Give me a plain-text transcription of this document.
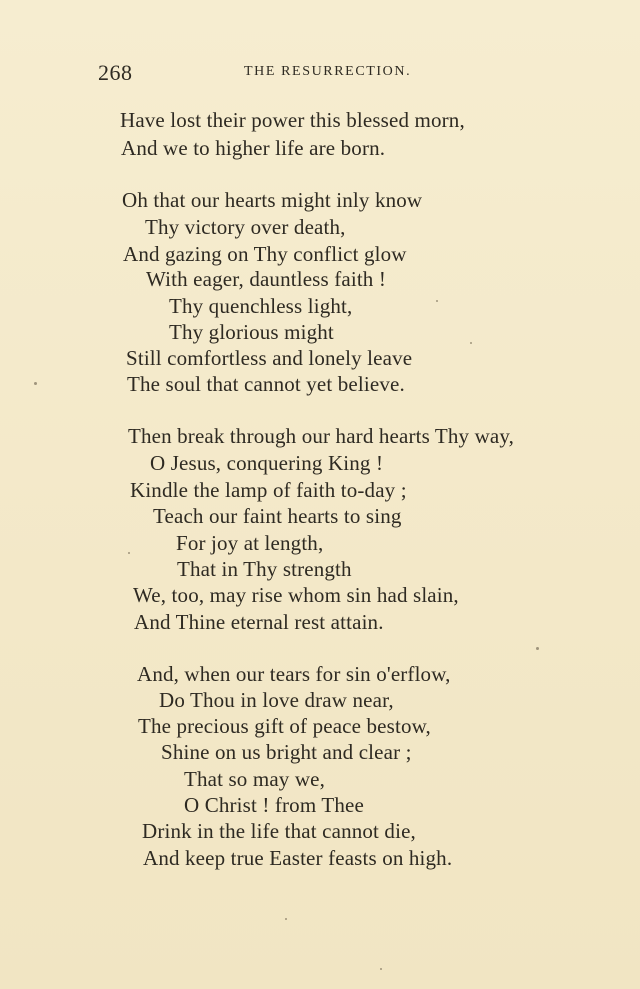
268	THE RESURRECTION.
Have lost their power this blessed morn,
And we to higher life are born.
Oh that our hearts might inly know
Thy victory over death,
And gazing on Thy conflict glow
With eager, dauntless faith !
Thy quenchless light,
Thy glorious might
Still comfortless and lonely leave
The soul that cannot yet believe.
Then break through our hard hearts Thy way,
O Jesus, conquering King !
Kindle the lamp of faith to-day ;
Teach our faint hearts to sing
For joy at length,
That in Thy strength
We, too, may rise whom sin had slain,
And Thine eternal rest attain.
And, when our tears for sin o'erflow,
Do Thou in love draw near,
The precious gift of peace bestow,
Shine on us bright and clear ;
That so may we,
O Christ ! from Thee
Drink in the life that cannot die,
And keep true Easter feasts on high.
